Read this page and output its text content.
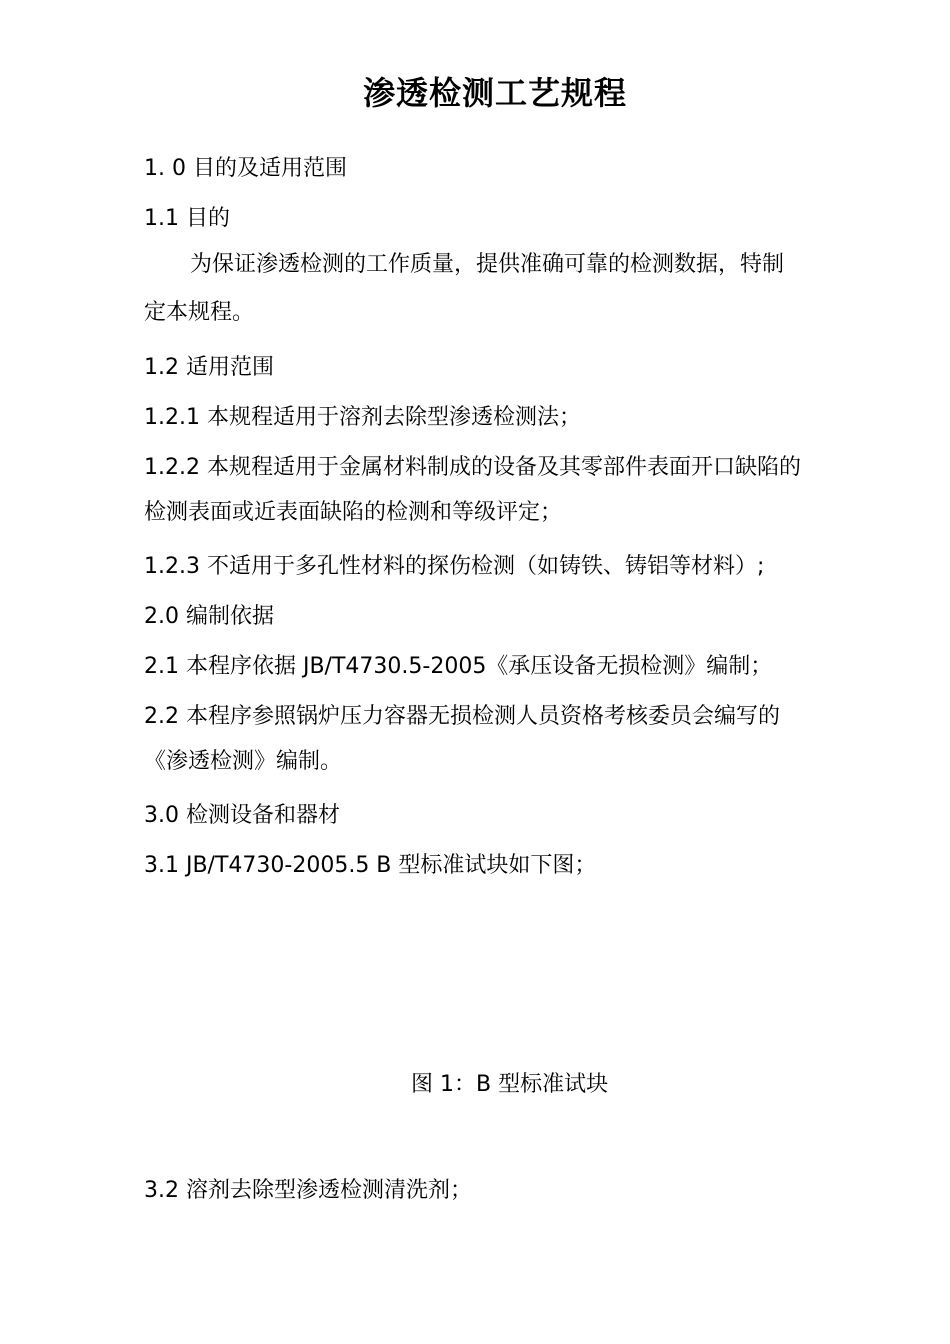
渗透检测工艺规程
1. 0 目的及适用范围
1.1 目的
为保证渗透检测的工作质量，提供准确可靠的检测数据，特制
定本规程。
1.2 适用范围
1.2.1 本规程适用于溶剂去除型渗透检测法；
1.2.2 本规程适用于金属材料制成的设备及其零部件表面开口缺陷的
检测表面或近表面缺陷的检测和等级评定；
1.2.3 不适用于多孔性材料的探伤检测（如铸铁、铸铝等材料）;
2.0 编制依据
2.1 本程序依据 JB/T4730.5-2005《承压设备无损检测》编制；
2.2 本程序参照锅炉压力容器无损检测人员资格考核委员会编写的
《渗透检测》编制。
3.0 检测设备和器材
3.1 JB/T4730-2005.5 B 型标准试块如下图；
图 1：B 型标准试块
3.2 溶剂去除型渗透检测清洗剂；
